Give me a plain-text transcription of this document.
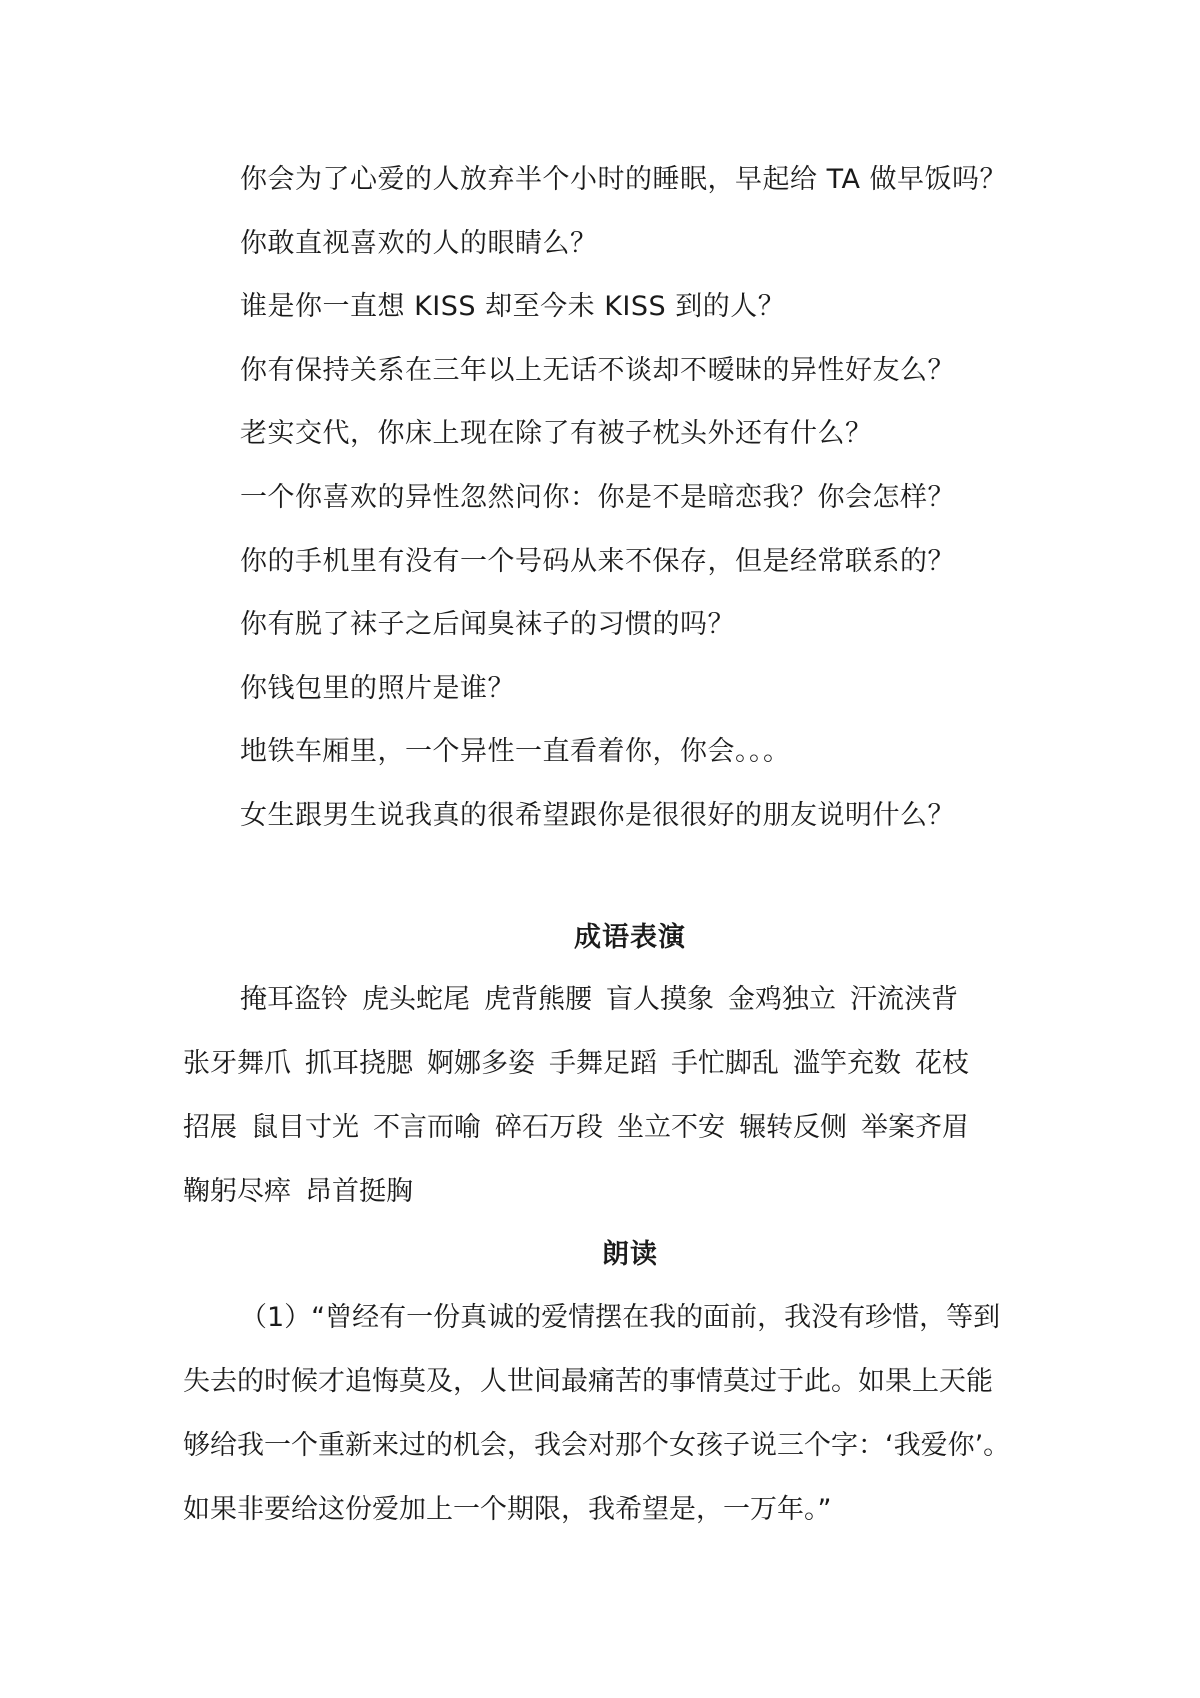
你会为了心爱的人放弃半个小时的睡眠，早起给 TA 做早饭吗？
你敢直视喜欢的人的眼睛么？
谁是你一直想 KISS 却至今未 KISS 到的人？
你有保持关系在三年以上无话不谈却不暧昧的异性好友么？
老实交代，你床上现在除了有被子枕头外还有什么？
一个你喜欢的异性忽然问你：你是不是暗恋我？你会怎样？
你的手机里有没有一个号码从来不保存，但是经常联系的？
你有脱了袜子之后闻臭袜子的习惯的吗？
你钱包里的照片是谁？
地铁车厢里，一个异性一直看着你，你会。。。
女生跟男生说我真的很希望跟你是很很好的朋友说明什么？
成语表演
掩耳盗铃 虎头蛇尾 虎背熊腰 盲人摸象 金鸡独立 汗流浃背
张牙舞爪 抓耳挠腮 婀娜多姿 手舞足蹈 手忙脚乱 滥竽充数 花枝
招展 鼠目寸光 不言而喻 碎石万段 坐立不安 辗转反侧 举案齐眉
鞠躬尽瘁 昂首挺胸
朗读
（1）“曾经有一份真诚的爱情摆在我的面前，我没有珍惜，等到
失去的时候才追悔莫及，人世间最痛苦的事情莫过于此。如果上天能
够给我一个重新来过的机会，我会对那个女孩子说三个字：‘我爱你’。
如果非要给这份爱加上一个期限，我希望是，一万年。”
